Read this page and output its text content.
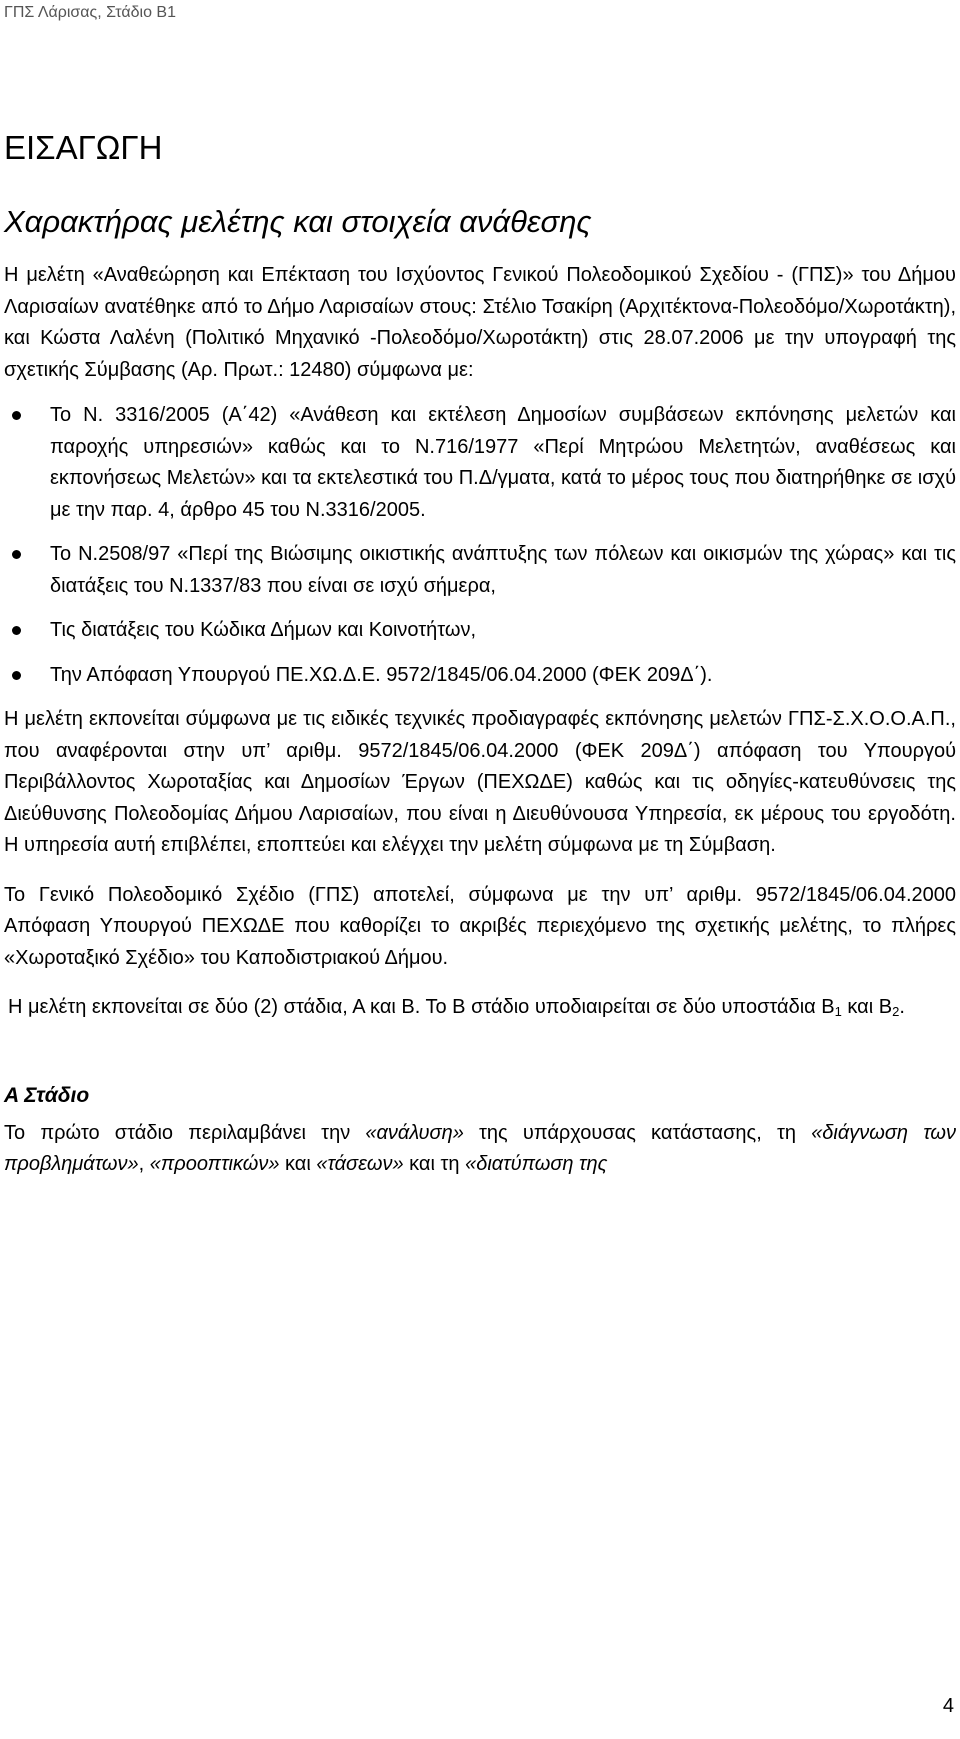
ΓΠΣ Λάρισας, Στάδιο Β1
ΕΙΣΑΓΩΓΗ
Χαρακτήρας μελέτης και στοιχεία ανάθεσης

Η μελέτη «Αναθεώρηση και Επέκταση του Ισχύοντος Γενικού Πολεοδομικού Σχεδίου - (ΓΠΣ)» του Δήμου Λαρισαίων ανατέθηκε από το Δήμο Λαρισαίων στους: Στέλιο Τσακίρη (Αρχιτέκτονα-Πολεοδόμο/Χωροτάκτη), και Κώστα Λαλένη (Πολιτικό Μηχανικό -Πολεοδόμο/Χωροτάκτη) στις 28.07.2006 με την υπογραφή της σχετικής Σύμβασης (Αρ. Πρωτ.: 12480) σύμφωνα με:

Το Ν. 3316/2005 (Α΄42) «Ανάθεση και εκτέλεση Δημοσίων συμβάσεων εκπόνησης μελετών και παροχής υπηρεσιών» καθώς και το Ν.716/1977 «Περί Μητρώου Μελετητών, αναθέσεως και εκπονήσεως Μελετών» και τα εκτελεστικά του Π.Δ/γματα, κατά το μέρος τους που διατηρήθηκε σε ισχύ με την παρ. 4, άρθρο 45 του Ν.3316/2005.
Το Ν.2508/97 «Περί της Βιώσιμης οικιστικής ανάπτυξης των πόλεων και οικισμών της χώρας» και τις διατάξεις του Ν.1337/83 που είναι σε ισχύ σήμερα,
Τις διατάξεις του Κώδικα Δήμων και Κοινοτήτων,
Την Απόφαση Υπουργού ΠΕ.ΧΩ.Δ.Ε. 9572/1845/06.04.2000 (ΦΕΚ 209Δ΄).

Η μελέτη εκπονείται σύμφωνα με τις ειδικές τεχνικές προδιαγραφές εκπόνησης μελετών ΓΠΣ-Σ.Χ.Ο.Ο.Α.Π., που αναφέρονται στην υπ’ αριθμ. 9572/1845/06.04.2000 (ΦΕΚ 209Δ΄) απόφαση του Υπουργού Περιβάλλοντος Χωροταξίας και Δημοσίων Έργων (ΠΕΧΩΔΕ) καθώς και τις οδηγίες-κατευθύνσεις της Διεύθυνσης Πολεοδομίας Δήμου Λαρισαίων, που είναι η Διευθύνουσα Υπηρεσία, εκ μέρους του εργοδότη. Η υπηρεσία αυτή επιβλέπει, εποπτεύει και ελέγχει την μελέτη σύμφωνα με τη Σύμβαση.

Το Γενικό Πολεοδομικό Σχέδιο (ΓΠΣ) αποτελεί, σύμφωνα με την υπ’ αριθμ. 9572/1845/06.04.2000 Απόφαση Υπουργού ΠΕΧΩΔΕ που καθορίζει το ακριβές περιεχόμενο της σχετικής μελέτης, το πλήρες «Χωροταξικό Σχέδιο» του Καποδιστριακού Δήμου.

Η μελέτη εκπονείται σε δύο (2) στάδια, Α και Β. Το Β στάδιο υποδιαιρείται σε δύο υποστάδια $B_1$ και $B_2$.

Α Στάδιο

Το πρώτο στάδιο περιλαμβάνει την «ανάλυση» της υπάρχουσας κατάστασης, τη «διάγνωση των προβλημάτων», «προοπτικών» και «τάσεων» και τη «διατύπωση της

4
